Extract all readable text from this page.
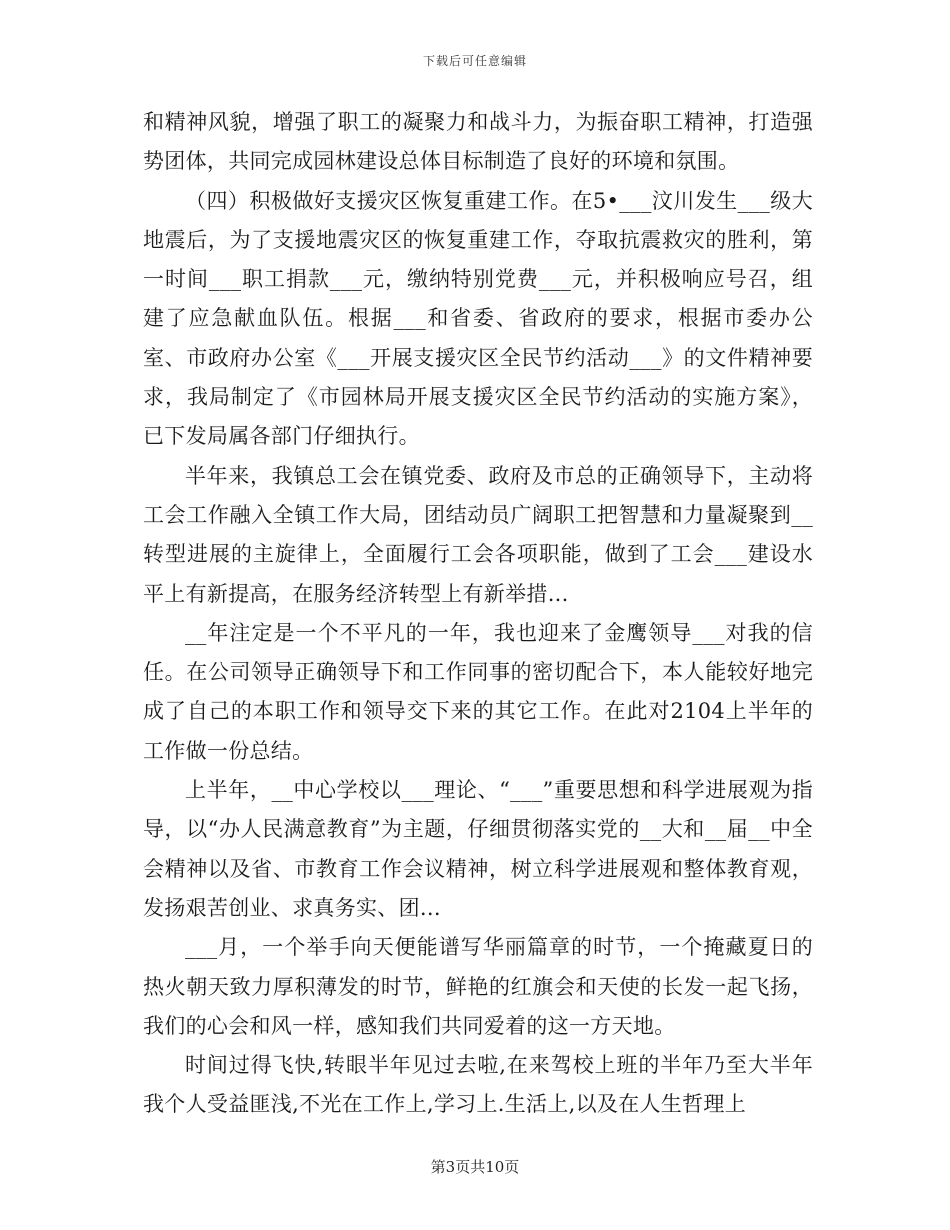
下载后可任意编辑

和精神风貌，增强了职工的凝聚力和战斗力，为振奋职工精神，打造强势团体，共同完成园林建设总体目标制造了良好的环境和氛围。

（四）积极做好支援灾区恢复重建工作。在5•___汶川发生___级大地震后，为了支援地震灾区的恢复重建工作，夺取抗震救灾的胜利，第一时间___职工捐款___元，缴纳特别党费___元，并积极响应号召，组建了应急献血队伍。根据___和省委、省政府的要求，根据市委办公室、市政府办公室《___开展支援灾区全民节约活动___》的文件精神要求，我局制定了《市园林局开展支援灾区全民节约活动的实施方案》，已下发局属各部门仔细执行。

半年来，我镇总工会在镇党委、政府及市总的正确领导下，主动将工会工作融入全镇工作大局，团结动员广阔职工把智慧和力量凝聚到__转型进展的主旋律上，全面履行工会各项职能，做到了工会___建设水平上有新提高，在服务经济转型上有新举措...

__年注定是一个不平凡的一年，我也迎来了金鹰领导___对我的信任。在公司领导正确领导下和工作同事的密切配合下，本人能较好地完成了自己的本职工作和领导交下来的其它工作。在此对2104上半年的工作做一份总结。

上半年，__中心学校以___理论、“___”重要思想和科学进展观为指导，以“办人民满意教育”为主题，仔细贯彻落实党的__大和__届__中全会精神以及省、市教育工作会议精神，树立科学进展观和整体教育观，发扬艰苦创业、求真务实、团...

___月，一个举手向天便能谱写华丽篇章的时节，一个掩藏夏日的热火朝天致力厚积薄发的时节，鲜艳的红旗会和天使的长发一起飞扬，我们的心会和风一样，感知我们共同爱着的这一方天地。

时间过得飞快,转眼半年见过去啦,在来驾校上班的半年乃至大半年我个人受益匪浅,不光在工作上,学习上.生活上,以及在人生哲理上

第3页共10页
